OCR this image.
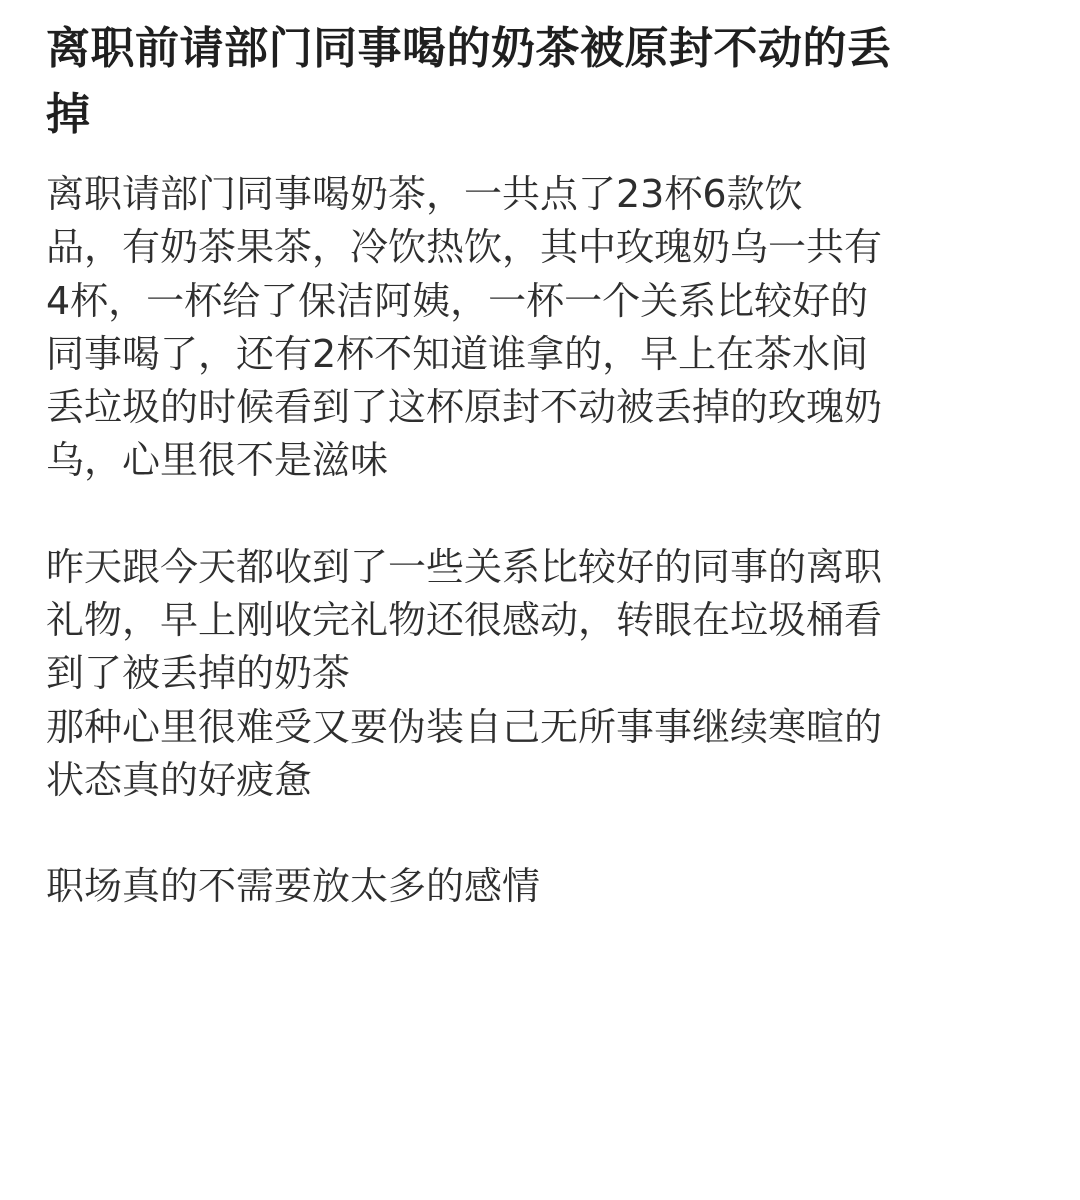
离职前请部门同事喝的奶茶被原封不动的丢
掉

离职请部门同事喝奶茶，一共点了23杯6款饮
品，有奶茶果茶，冷饮热饮，其中玫瑰奶乌一共有
4杯，一杯给了保洁阿姨，一杯一个关系比较好的
同事喝了，还有2杯不知道谁拿的，早上在茶水间
丢垃圾的时候看到了这杯原封不动被丢掉的玫瑰奶
乌，心里很不是滋味

昨天跟今天都收到了一些关系比较好的同事的离职
礼物，早上刚收完礼物还很感动，转眼在垃圾桶看
到了被丢掉的奶茶
那种心里很难受又要伪装自己无所事事继续寒暄的
状态真的好疲惫

职场真的不需要放太多的感情
